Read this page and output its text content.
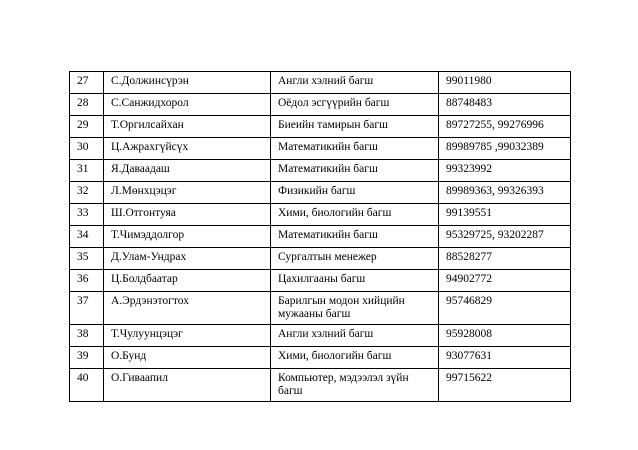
27	С.Должинсүрэн	Англи хэлний багш	99011980
28	С.Санжидхорол	Оёдол эсгүүрийн багш	88748483
29	Т.Оргилсайхан	Биеийн тамирын багш	89727255, 99276996
30	Ц.Ажрахгүйсүх	Математикийн багш	89989785 ,99032389
31	Я.Даваадаш	Математикийн багш	99323992
32	Л.Мөнхцэцэг	Физикийн багш	89989363, 99326393
33	Ш.Отгонтуяа	Хими, биологийн багш	99139551
34	Т.Чимэддолгор	Математикийн багш	95329725, 93202287
35	Д.Улам-Ундрах	Сургалтын менежер	88528277
36	Ц.Болдбаатар	Цахилгааны багш	94902772
37	А.Эрдэнэтогтох	Барилгын модон хийцийн мужааны багш	95746829
38	Т.Чулуунцэцэг	Англи хэлний багш	95928008
39	О.Бунд	Хими, биологийн багш	93077631
40	О.Гиваапил	Компьютер, мэдээлэл зүйн багш	99715622
